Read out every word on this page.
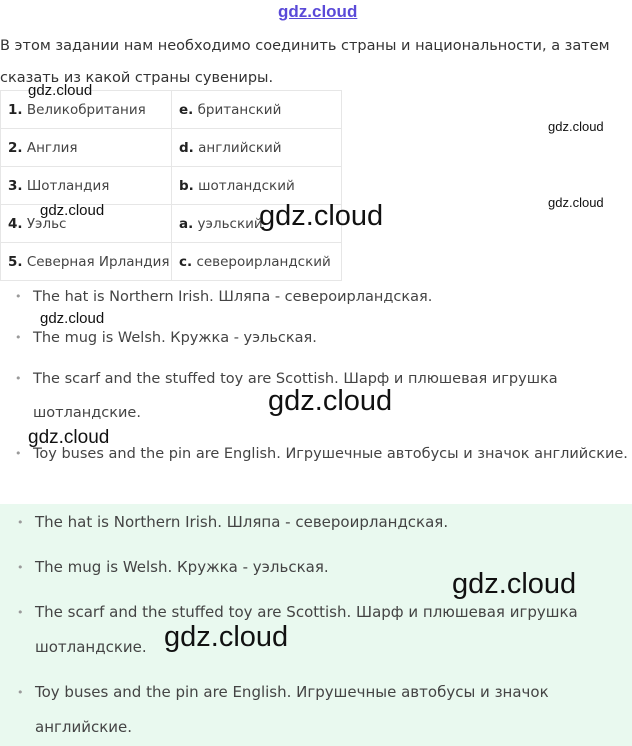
gdz.cloud
В этом задании нам необходимо соединить страны и национальности, а затем сказать из какой страны сувениры.
1. Великобритания	e. британский
2. Англия	d. английский
3. Шотландия	b. шотландский
4. Уэльс	a. уэльский
5. Северная Ирландия	c. североирландский
• The hat is Northern Irish. Шляпа - североирландская.
• The mug is Welsh. Кружка - уэльская.
• The scarf and the stuffed toy are Scottish. Шарф и плюшевая игрушка шотландские.
• Toy buses and the pin are English. Игрушечные автобусы и значок английские.
• The hat is Northern Irish. Шляпа - североирландская.
• The mug is Welsh. Кружка - уэльская.
• The scarf and the stuffed toy are Scottish. Шарф и плюшевая игрушка шотландские.
• Toy buses and the pin are English. Игрушечные автобусы и значок английские.
gdz.cloud
gdz.cloud
gdz.cloud
gdz.cloud	gdz.cloud
gdz.cloud
gdz.cloud
gdz.cloud
gdz.cloud
gdz.cloud
